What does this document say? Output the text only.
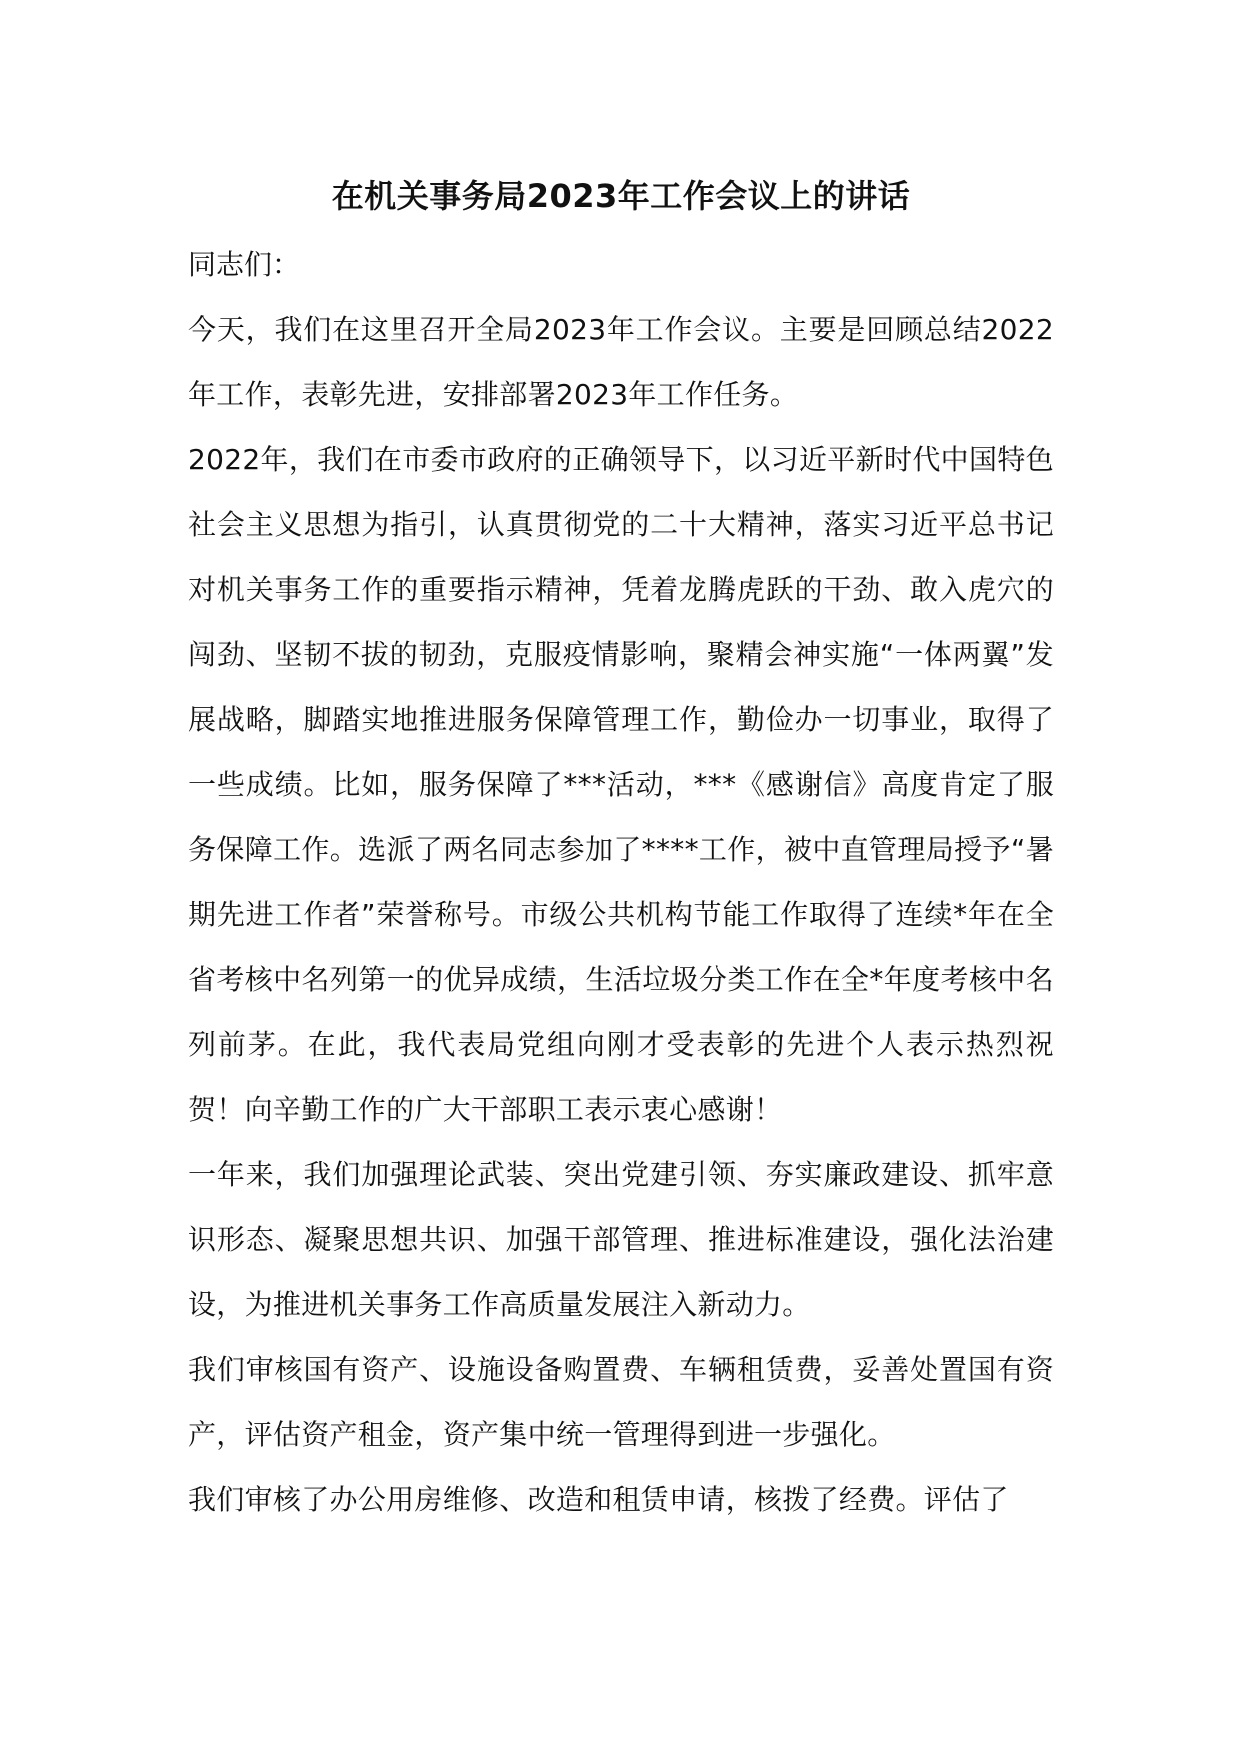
在机关事务局2023年工作会议上的讲话

同志们：

今天，我们在这里召开全局2023年工作会议。主要是回顾总结2022年工作，表彰先进，安排部署2023年工作任务。

2022年，我们在市委市政府的正确领导下，以习近平新时代中国特色社会主义思想为指引，认真贯彻党的二十大精神，落实习近平总书记对机关事务工作的重要指示精神，凭着龙腾虎跃的干劲、敢入虎穴的闯劲、坚韧不拔的韧劲，克服疫情影响，聚精会神实施“一体两翼”发展战略，脚踏实地推进服务保障管理工作，勤俭办一切事业，取得了一些成绩。比如，服务保障了***活动，***《感谢信》高度肯定了服务保障工作。选派了两名同志参加了****工作，被中直管理局授予“暑期先进工作者”荣誉称号。市级公共机构节能工作取得了连续*年在全省考核中名列第一的优异成绩，生活垃圾分类工作在全*年度考核中名列前茅。在此，我代表局党组向刚才受表彰的先进个人表示热烈祝贺！向辛勤工作的广大干部职工表示衷心感谢！

一年来，我们加强理论武装、突出党建引领、夯实廉政建设、抓牢意识形态、凝聚思想共识、加强干部管理、推进标准建设，强化法治建设，为推进机关事务工作高质量发展注入新动力。

我们审核国有资产、设施设备购置费、车辆租赁费，妥善处置国有资产，评估资产租金，资产集中统一管理得到进一步强化。

我们审核了办公用房维修、改造和租赁申请，核拨了经费。评估了
